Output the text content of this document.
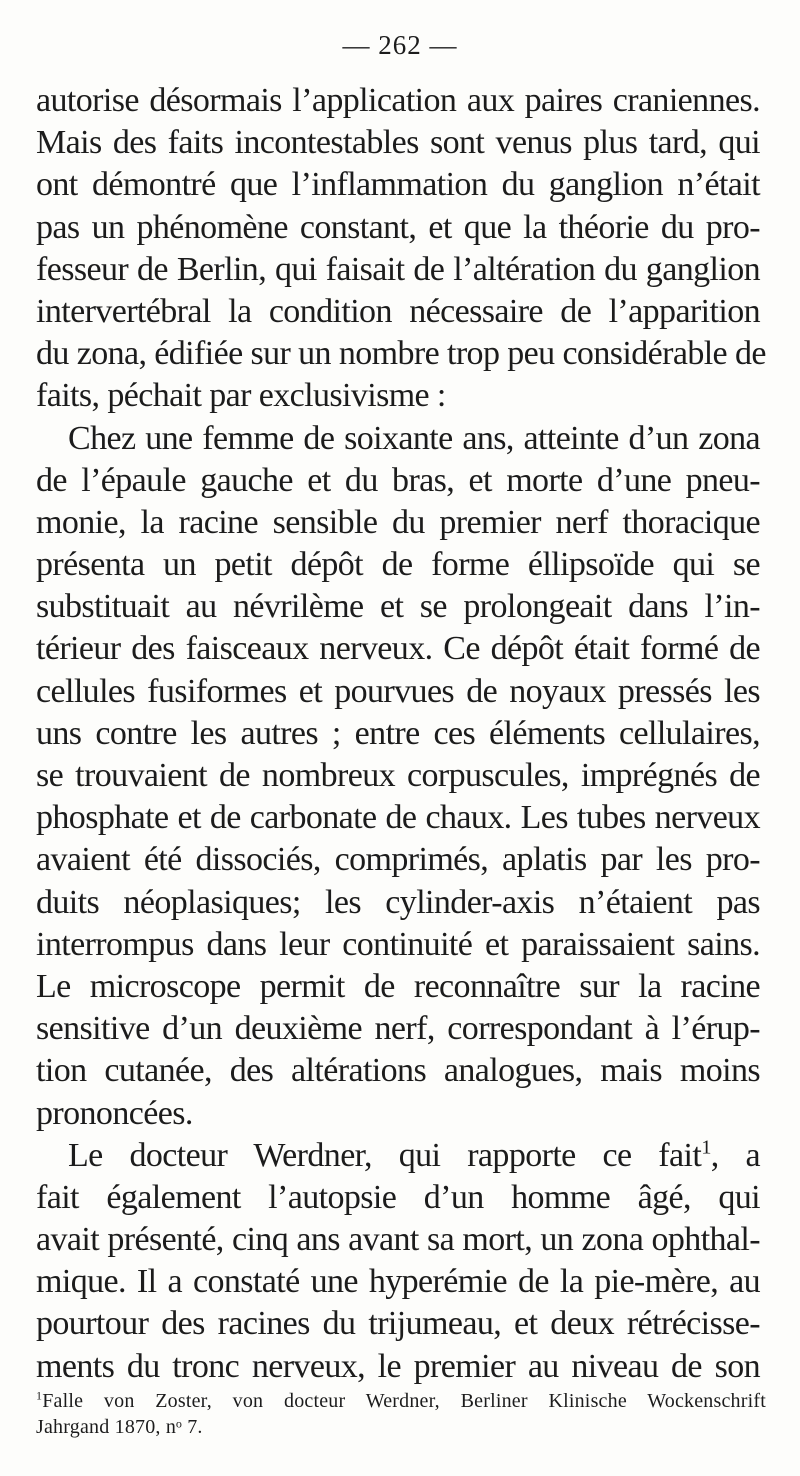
— 262 —
autorise désormais l’application aux paires craniennes.
Mais des faits incontestables sont venus plus tard, qui
ont démontré que l’inflammation du ganglion n’était
pas un phénomène constant, et que la théorie du pro-
fesseur de Berlin, qui faisait de l’altération du ganglion
intervertébral la condition nécessaire de l’apparition
du zona, édifiée sur un nombre trop peu considérable de
faits, péchait par exclusivisme :
Chez une femme de soixante ans, atteinte d’un zona
de l’épaule gauche et du bras, et morte d’une pneu-
monie, la racine sensible du premier nerf thoracique
présenta un petit dépôt de forme éllipsoïde qui se
substituait au névrilème et se prolongeait dans l’in-
térieur des faisceaux nerveux. Ce dépôt était formé de
cellules fusiformes et pourvues de noyaux pressés les
uns contre les autres ; entre ces éléments cellulaires,
se trouvaient de nombreux corpuscules, imprégnés de
phosphate et de carbonate de chaux. Les tubes nerveux
avaient été dissociés, comprimés, aplatis par les pro-
duits néoplasiques; les cylinder-axis n’étaient pas
interrompus dans leur continuité et paraissaient sains.
Le microscope permit de reconnaître sur la racine
sensitive d’un deuxième nerf, correspondant à l’érup-
tion cutanée, des altérations analogues, mais moins
prononcées.
Le docteur Werdner, qui rapporte ce fait$^1$, a
fait également l’autopsie d’un homme âgé, qui
avait présenté, cinq ans avant sa mort, un zona ophthal-
mique. Il a constaté une hyperémie de la pie-mère, au
pourtour des racines du trijumeau, et deux rétrécisse-
ments du tronc nerveux, le premier au niveau de son
$^1$Falle von Zoster, von docteur Werdner, Berliner Klinische Wockenschrift
Jahrgand 1870, nᵒ 7.
